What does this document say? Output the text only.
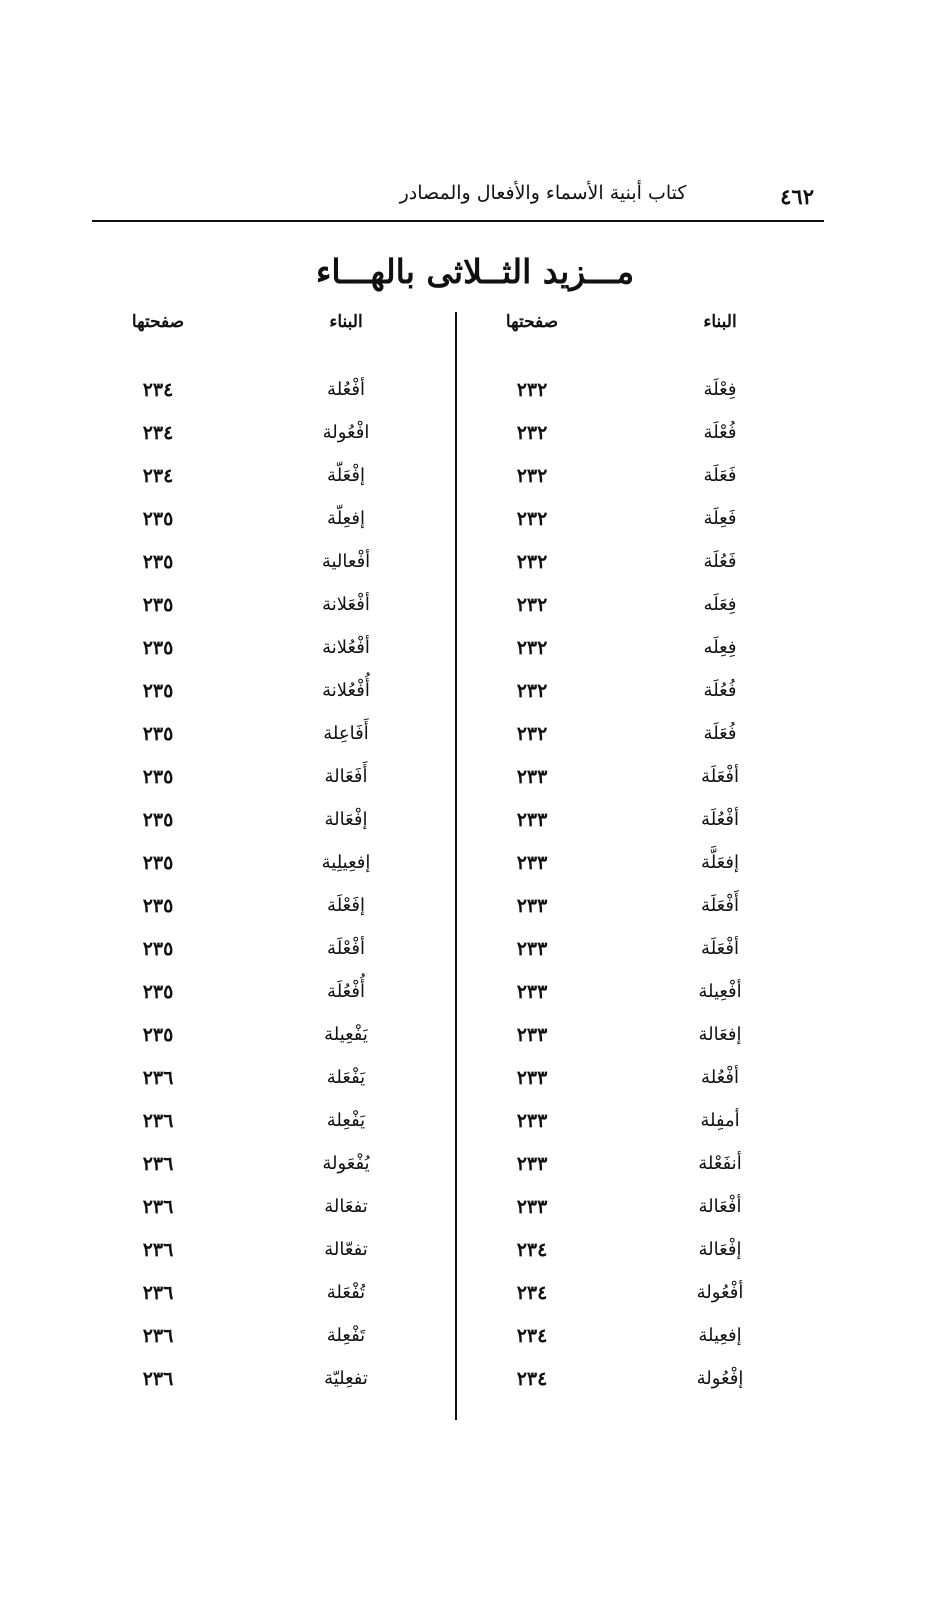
٤٦٢
كتاب أبنية الأسماء والأفعال والمصادر
مـــزيد الثــلاثى بالهـــاء
البناء
صفحتها
البناء
صفحتها
فِعْلَة
فُعْلَة
فَعَلَة
فَعِلَة
فَعُلَة
فِعَلَه
فِعِلَه
فُعُلَة
فُعَلَة
أفْعَلَة
أفْعُلَة
إفعَلَّة
أَفْعَلَة
أفْعَلَة
أفْعِيلة
إفعَالة
أفْعُلة
أمفِلة
أنفَعْلة
أفْعَالة
إفْعَالة
أفْعُولة
إفعِيلة
إفْعُولة
٢٣٢
٢٣٢
٢٣٢
٢٣٢
٢٣٢
٢٣٢
٢٣٢
٢٣٢
٢٣٢
٢٣٣
٢٣٣
٢٣٣
٢٣٣
٢٣٣
٢٣٣
٢٣٣
٢٣٣
٢٣٣
٢٣٣
٢٣٣
٢٣٤
٢٣٤
٢٣٤
٢٣٤
أفْعُلة
افْعُولة
إفْعَلّة
إفعِلّة
أفْعالية
أفْعَلانة
أفْعُلانة
أُفْعُلانة
أَفَاعِلة
أَفَعَالة
إفْعَالة
إفعِيلِية
إفَعْلَة
أفْعْلَة
أُفْعُلَة
يَفْعِيلة
يَفْعَلة
يَفْعِلة
يُفْعَولة
تفعَالة
تفعّالة
تُفْعَلة
تَفْعِلة
تفعِليّة
٢٣٤
٢٣٤
٢٣٤
٢٣٥
٢٣٥
٢٣٥
٢٣٥
٢٣٥
٢٣٥
٢٣٥
٢٣٥
٢٣٥
٢٣٥
٢٣٥
٢٣٥
٢٣٥
٢٣٦
٢٣٦
٢٣٦
٢٣٦
٢٣٦
٢٣٦
٢٣٦
٢٣٦
